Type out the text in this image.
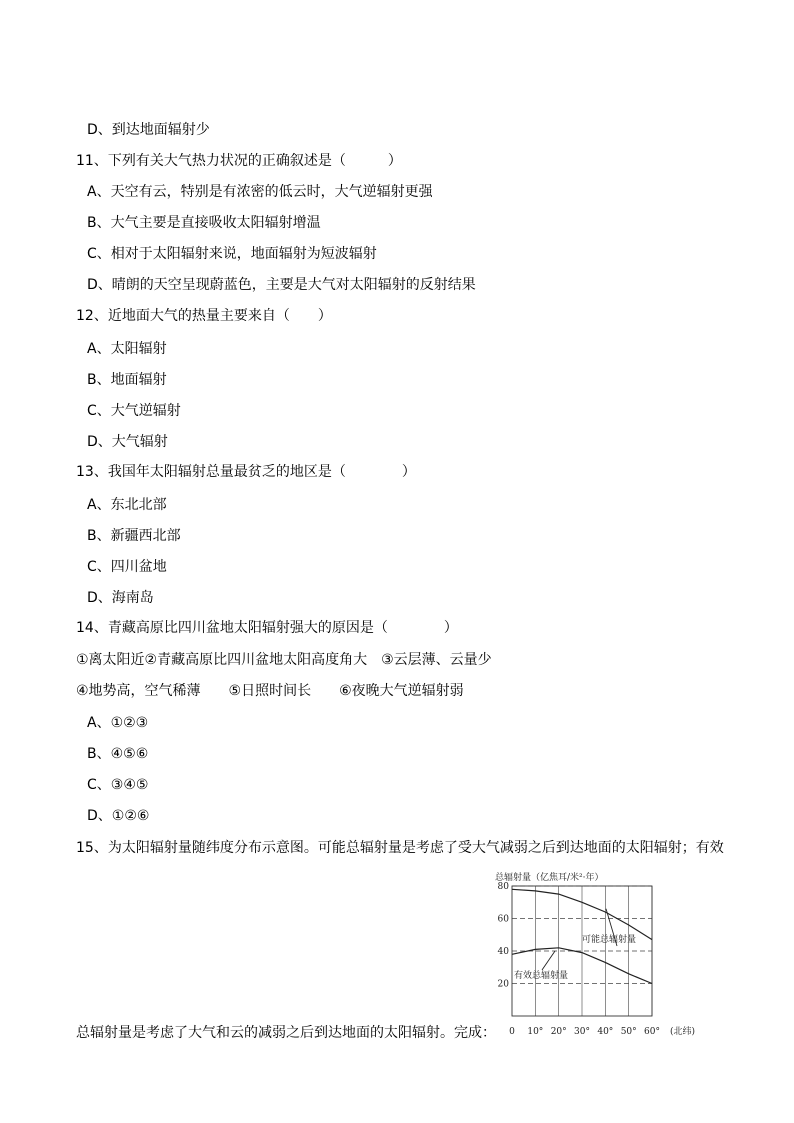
D、到达地面辐射少
11、下列有关大气热力状况的正确叙述是（　　　）
A、天空有云，特别是有浓密的低云时，大气逆辐射更强
B、大气主要是直接吸收太阳辐射增温
C、相对于太阳辐射来说，地面辐射为短波辐射
D、晴朗的天空呈现蔚蓝色，主要是大气对太阳辐射的反射结果
12、近地面大气的热量主要来自（　　）
A、太阳辐射
B、地面辐射
C、大气逆辐射
D、大气辐射
13、我国年太阳辐射总量最贫乏的地区是（　　　　）
A、东北北部
B、新疆西北部
C、四川盆地
D、海南岛
14、青藏高原比四川盆地太阳辐射强大的原因是（　　　　）
①离太阳近②青藏高原比四川盆地太阳高度角大　③云层薄、云量少
④地势高，空气稀薄　　⑤日照时间长　　⑥夜晚大气逆辐射弱
A、①②③
B、④⑤⑥
C、③④⑤
D、①②⑥
15、为太阳辐射量随纬度分布示意图。可能总辐射量是考虑了受大气减弱之后到达地面的太阳辐射；有效
总辐射量是考虑了大气和云的减弱之后到达地面的太阳辐射。完成：
总辐射量（亿焦耳/米²·年）
20
40
60
80
0 10° 20° 30° 40° 50° 60°
可能总辐射量
有效总辐射量
(北纬)
